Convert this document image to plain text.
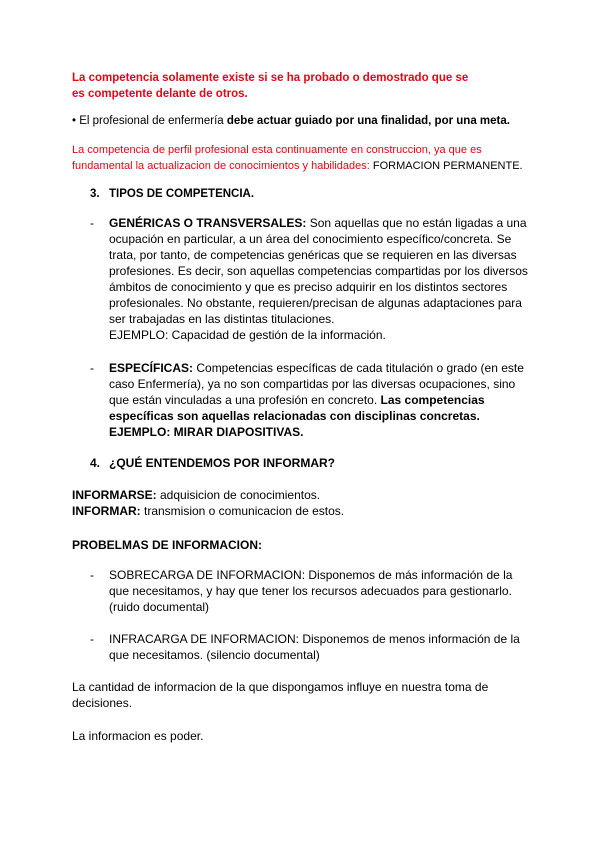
La competencia solamente existe si se ha probado o demostrado que se es competente delante de otros.
• El profesional de enfermería debe actuar guiado por una finalidad, por una meta.
La competencia de perfil profesional esta continuamente en construccion, ya que es fundamental la actualizacion de conocimientos y habilidades: FORMACION PERMANENTE.
3. TIPOS DE COMPETENCIA.
- GENÉRICAS O TRANSVERSALES: Son aquellas que no están ligadas a una ocupación en particular, a un área del conocimiento específico/concreta. Se trata, por tanto, de competencias genéricas que se requieren en las diversas profesiones. Es decir, son aquellas competencias compartidas por los diversos ámbitos de conocimiento y que es preciso adquirir en los distintos sectores profesionales. No obstante, requieren/precisan de algunas adaptaciones para ser trabajadas en las distintas titulaciones.
EJEMPLO: Capacidad de gestión de la información.
- ESPECÍFICAS: Competencias específicas de cada titulación o grado (en este caso Enfermería), ya no son compartidas por las diversas ocupaciones, sino que están vinculadas a una profesión en concreto. Las competencias específicas son aquellas relacionadas con disciplinas concretas.
EJEMPLO: MIRAR DIAPOSITIVAS.
4. ¿QUÉ ENTENDEMOS POR INFORMAR?
INFORMARSE: adquisicion de conocimientos.
INFORMAR: transmision o comunicacion de estos.
PROBELMAS DE INFORMACION:
- SOBRECARGA DE INFORMACION: Disponemos de más información de la que necesitamos, y hay que tener los recursos adecuados para gestionarlo. (ruido documental)
- INFRACARGA DE INFORMACION: Disponemos de menos información de la que necesitamos. (silencio documental)
La cantidad de informacion de la que dispongamos influye en nuestra toma de decisiones.
La informacion es poder.
